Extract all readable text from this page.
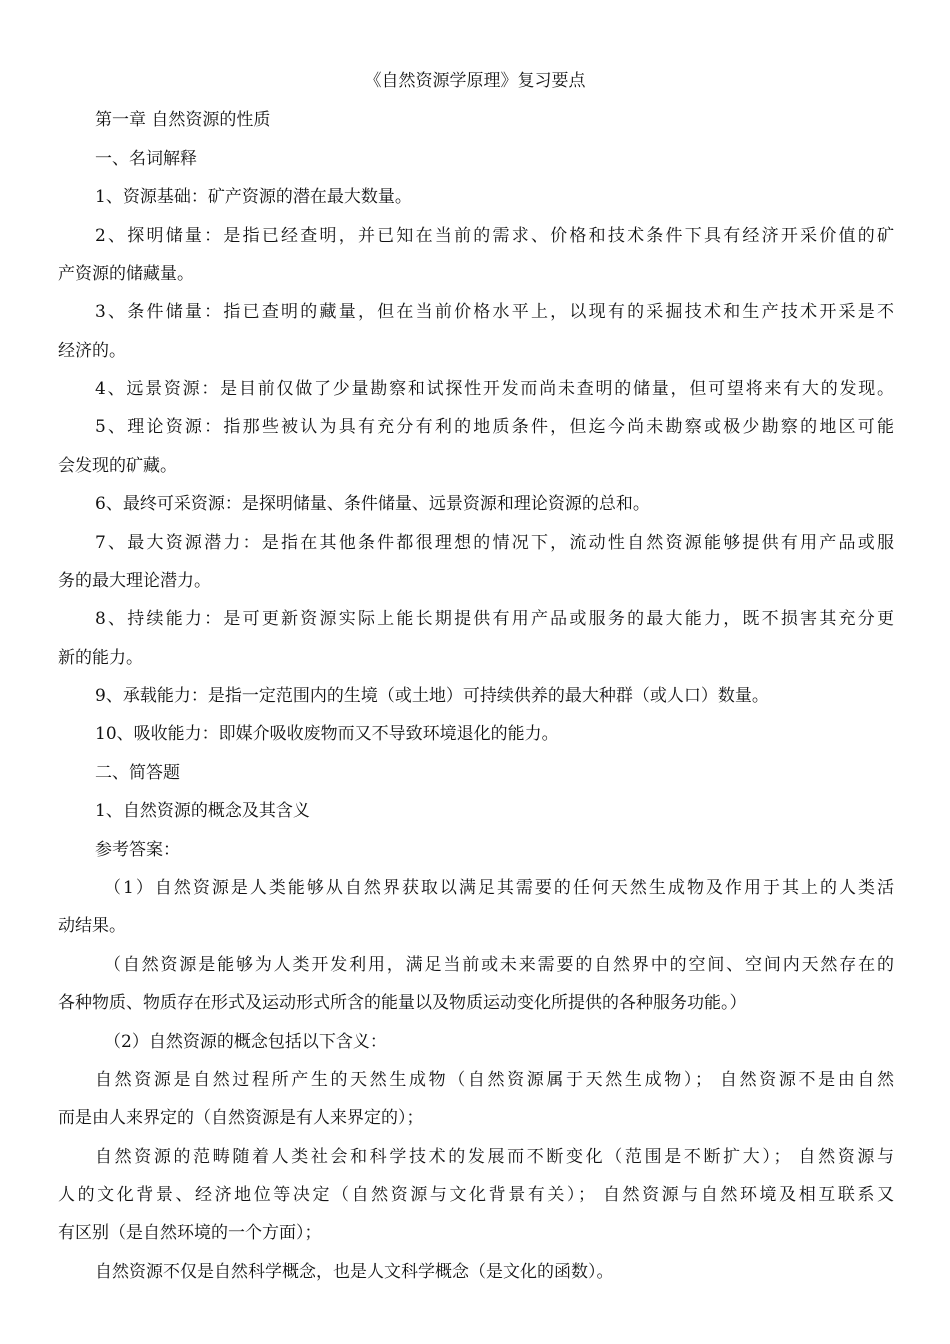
《自然资源学原理》复习要点
第一章 自然资源的性质
一、名词解释
1、资源基础：矿产资源的潜在最大数量。
2、探明储量：是指已经查明，并已知在当前的需求、价格和技术条件下具有经济开采价值的矿
产资源的储藏量。
3、条件储量：指已查明的藏量，但在当前价格水平上，以现有的采掘技术和生产技术开采是不
经济的。
4、远景资源：是目前仅做了少量勘察和试探性开发而尚未查明的储量，但可望将来有大的发现。
5、理论资源：指那些被认为具有充分有利的地质条件，但迄今尚未勘察或极少勘察的地区可能
会发现的矿藏。
6、最终可采资源：是探明储量、条件储量、远景资源和理论资源的总和。
7、最大资源潜力：是指在其他条件都很理想的情况下，流动性自然资源能够提供有用产品或服
务的最大理论潜力。
8、持续能力：是可更新资源实际上能长期提供有用产品或服务的最大能力，既不损害其充分更
新的能力。
9、承载能力：是指一定范围内的生境（或土地）可持续供养的最大种群（或人口）数量。
10、吸收能力：即媒介吸收废物而又不导致环境退化的能力。
二、简答题
1、自然资源的概念及其含义
参考答案：
（1）自然资源是人类能够从自然界获取以满足其需要的任何天然生成物及作用于其上的人类活
动结果。
（自然资源是能够为人类开发利用，满足当前或未来需要的自然界中的空间、空间内天然存在的
各种物质、物质存在形式及运动形式所含的能量以及物质运动变化所提供的各种服务功能。）
（2）自然资源的概念包括以下含义：
自然资源是自然过程所产生的天然生成物（自然资源属于天然生成物）； 自然资源不是由自然
而是由人来界定的（自然资源是有人来界定的）；
自然资源的范畴随着人类社会和科学技术的发展而不断变化（范围是不断扩大）； 自然资源与
人的文化背景、经济地位等决定（自然资源与文化背景有关）； 自然资源与自然环境及相互联系又
有区别（是自然环境的一个方面）；
自然资源不仅是自然科学概念，也是人文科学概念（是文化的函数）。
